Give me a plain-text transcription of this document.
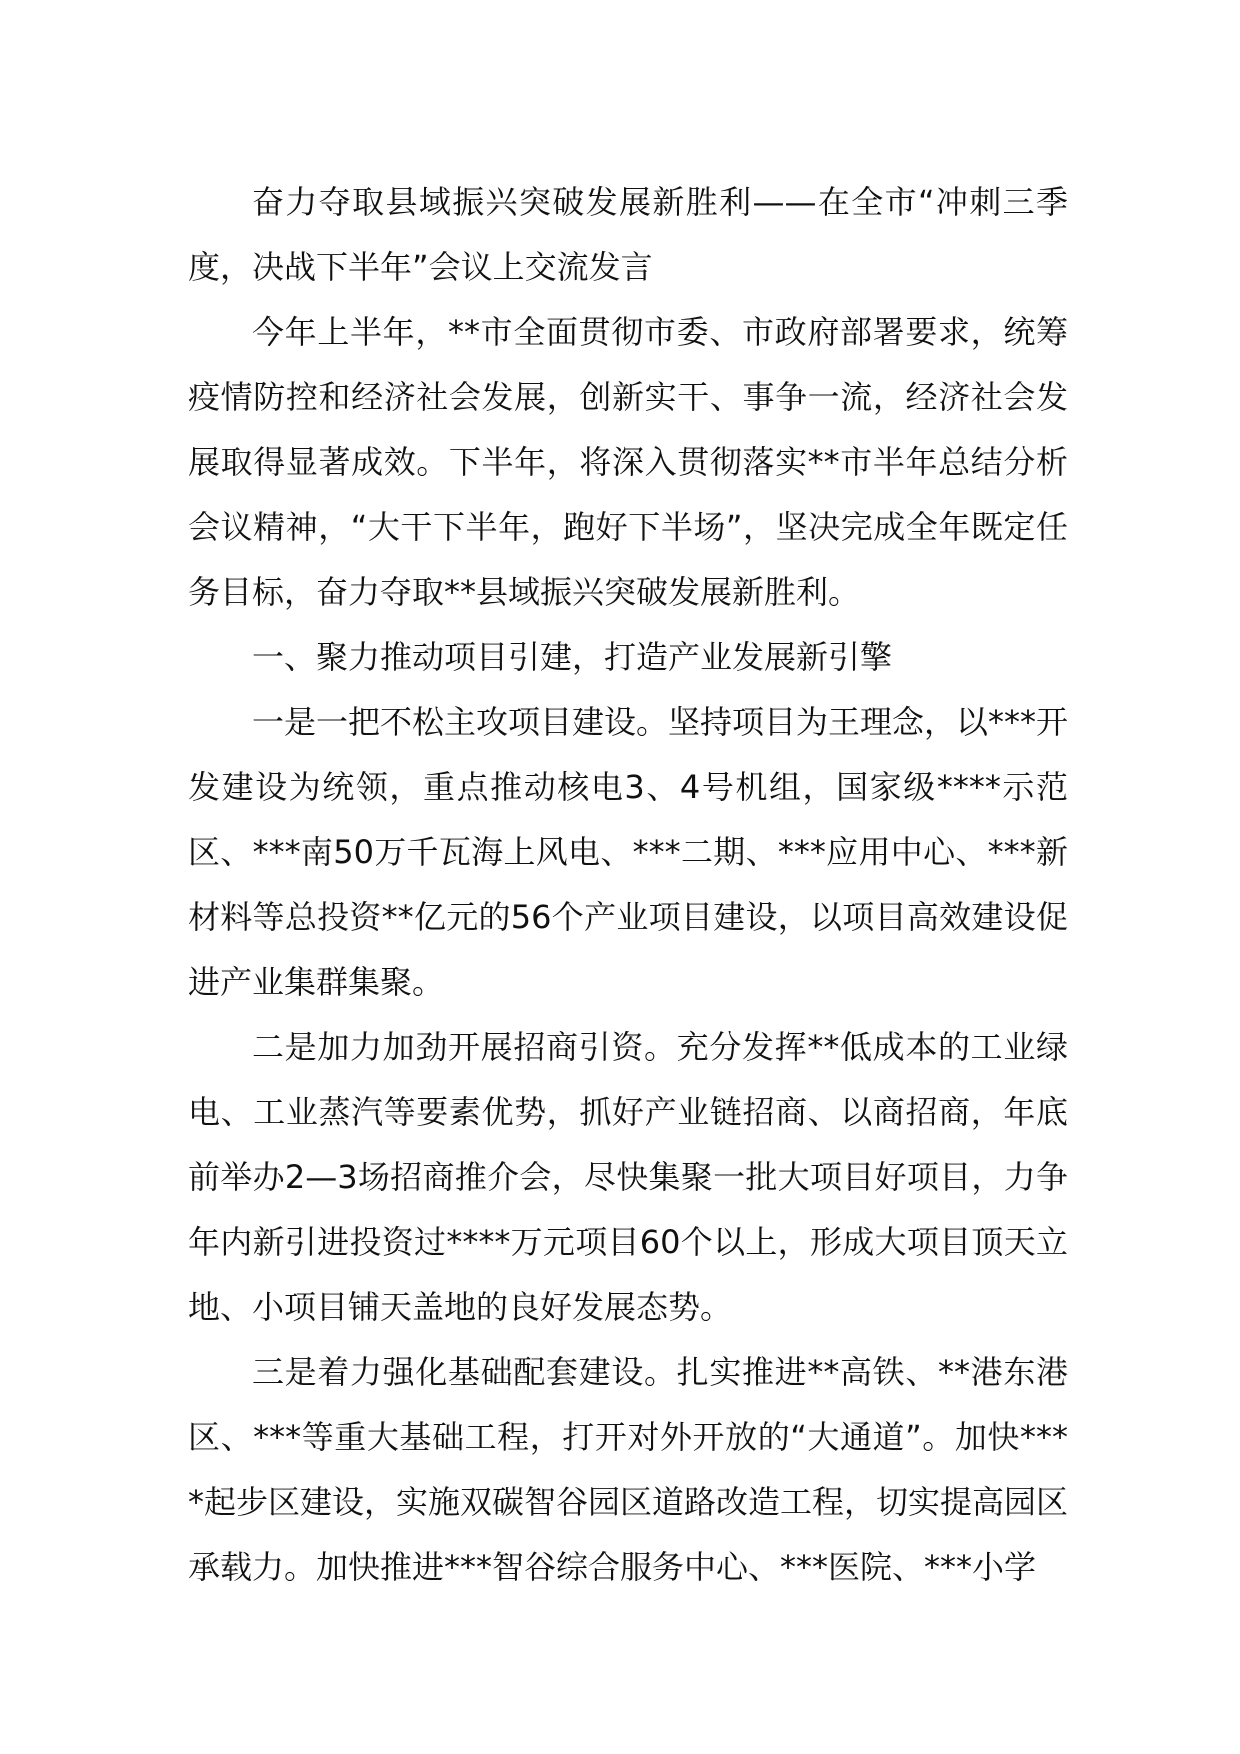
奋力夺取县域振兴突破发展新胜利——在全市“冲刺三季度，决战下半年”会议上交流发言

今年上半年，**市全面贯彻市委、市政府部署要求，统筹疫情防控和经济社会发展，创新实干、事争一流，经济社会发展取得显著成效。下半年，将深入贯彻落实**市半年总结分析会议精神，“大干下半年，跑好下半场”，坚决完成全年既定任务目标，奋力夺取**县域振兴突破发展新胜利。

一、聚力推动项目引建，打造产业发展新引擎

一是一把不松主攻项目建设。坚持项目为王理念，以***开发建设为统领，重点推动核电3、4号机组，国家级****示范区、***南50万千瓦海上风电、***二期、***应用中心、***新材料等总投资**亿元的56个产业项目建设，以项目高效建设促进产业集群集聚。

二是加力加劲开展招商引资。充分发挥**低成本的工业绿电、工业蒸汽等要素优势，抓好产业链招商、以商招商，年底前举办2—3场招商推介会，尽快集聚一批大项目好项目，力争年内新引进投资过****万元项目60个以上，形成大项目顶天立地、小项目铺天盖地的良好发展态势。

三是着力强化基础配套建设。扎实推进**高铁、**港东港区、***等重大基础工程，打开对外开放的“大通道”。加快****起步区建设，实施双碳智谷园区道路改造工程，切实提高园区承载力。加快推进***智谷综合服务中心、***医院、***小学
